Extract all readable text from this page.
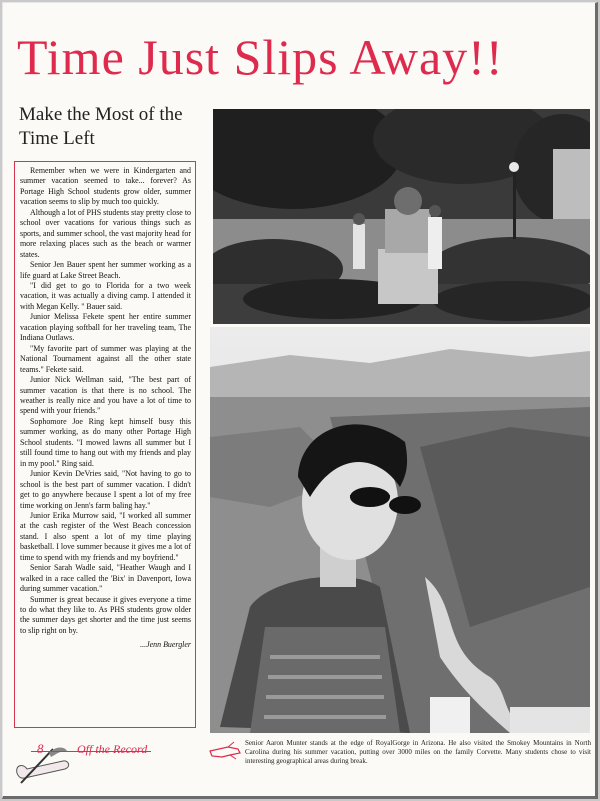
Time Just Slips Away!!
Make the Most of the Time Left

Remember when we were in Kindergarten and summer vacation seemed to take... forever? As Portage High School students grow older, summer vacation seems to slip by much too quickly.

Although a lot of PHS students stay pretty close to school over vacations for various things such as sports, and summer school, the vast majority head for more relaxing places such as the beach or warmer states.

Senior Jen Bauer spent her summer working as a life guard at Lake Street Beach.

"I did get to go to Florida for a two week vacation, it was actually a diving camp. I attended it with Megan Kelly. " Bauer said.

Junior Melissa Fekete spent her entire summer vacation playing softball for her traveling team, The Indiana Outlaws.

"My favorite part of summer was playing at the National Tournament against all the other state teams." Fekete said.

Junior Nick Wellman said, "The best part of summer vacation is that there is no school. The weather is really nice and you have a lot of time to spend with your friends."

Sophomore Joe Ring kept himself busy this summer working, as do many other Portage High School students. "I mowed lawns all summer but I still found time to hang out with my friends and play in my pool." Ring said.

Junior Kevin DeVries said, "Not having to go to school is the best part of summer vacation. I didn't get to go anywhere because I spent a lot of my free time working on Jenn's farm baling hay."

Junior Erika Murrow said, "I worked all summer at the cash register of the West Beach concession stand. I also spent a lot of my time playing basketball. I love summer because it gives me a lot of time to spend with my friends and my boyfriend."

Senior Sarah Wadle said, "Heather Waugh and I walked in a race called the 'Bix' in Davenport, Iowa during summer vacation."

Summer is great because it gives everyone a time to do what they like to. As PHS students grow older the summer days get shorter and the time just seems to slip right on by.

...Jenn Buergler

Senior Aaron Munter stands at the edge of RoyalGorge in Arizona. He also visited the Smokey Mountains in North Carolina during his summer vacation, putting over 3000 miles on the family Corvette. Many students chose to visit interesting geographical areas during break.

8	Off the Record
